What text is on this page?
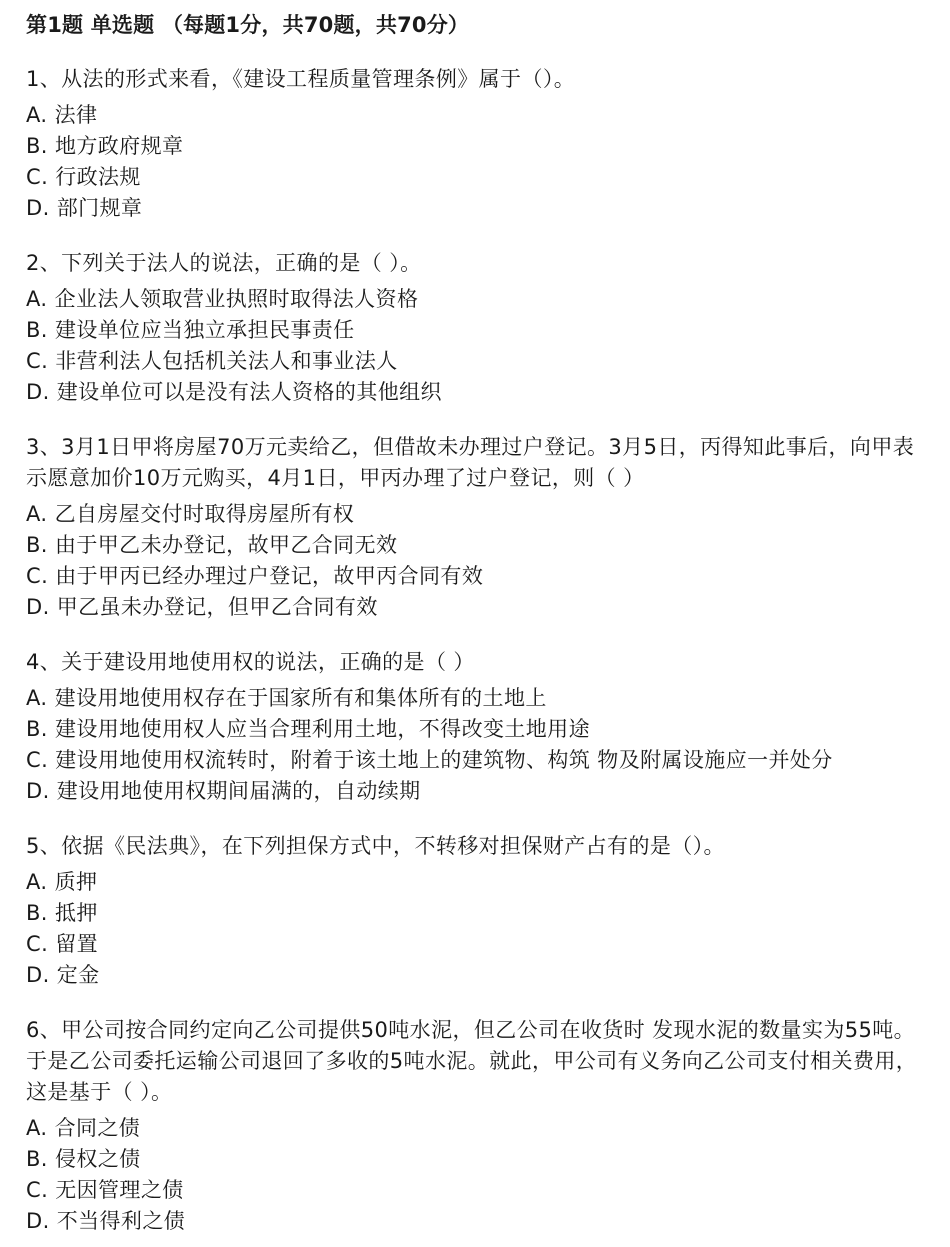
第1题 单选题 （每题1分，共70题，共70分）
1、从法的形式来看，《建设工程质量管理条例》属于（）。
A. 法律
B. 地方政府规章
C. 行政法规
D. 部门规章
2、下列关于法人的说法，正确的是（ ）。
A. 企业法人领取营业执照时取得法人资格
B. 建设单位应当独立承担民事责任
C. 非营利法人包括机关法人和事业法人
D. 建设单位可以是没有法人资格的其他组织
3、3月1日甲将房屋70万元卖给乙，但借故未办理过户登记。3月5日，丙得知此事后，向甲表示愿意加价10万元购买，4月1日，甲丙办理了过户登记，则（ ）
A. 乙自房屋交付时取得房屋所有权
B. 由于甲乙未办登记，故甲乙合同无效
C. 由于甲丙已经办理过户登记，故甲丙合同有效
D. 甲乙虽未办登记，但甲乙合同有效
4、关于建设用地使用权的说法，正确的是（ ）
A. 建设用地使用权存在于国家所有和集体所有的土地上
B. 建设用地使用权人应当合理利用土地，不得改变土地用途
C. 建设用地使用权流转时，附着于该土地上的建筑物、构筑 物及附属设施应一并处分
D. 建设用地使用权期间届满的，自动续期
5、依据《民法典》，在下列担保方式中，不转移对担保财产占有的是（）。
A. 质押
B. 抵押
C. 留置
D. 定金
6、甲公司按合同约定向乙公司提供50吨水泥，但乙公司在收货时 发现水泥的数量实为55吨。于是乙公司委托运输公司退回了多收的5吨水泥。就此，甲公司有义务向乙公司支付相关费用， 这是基于（ ）。
A. 合同之债
B. 侵权之债
C. 无因管理之债
D. 不当得利之债
